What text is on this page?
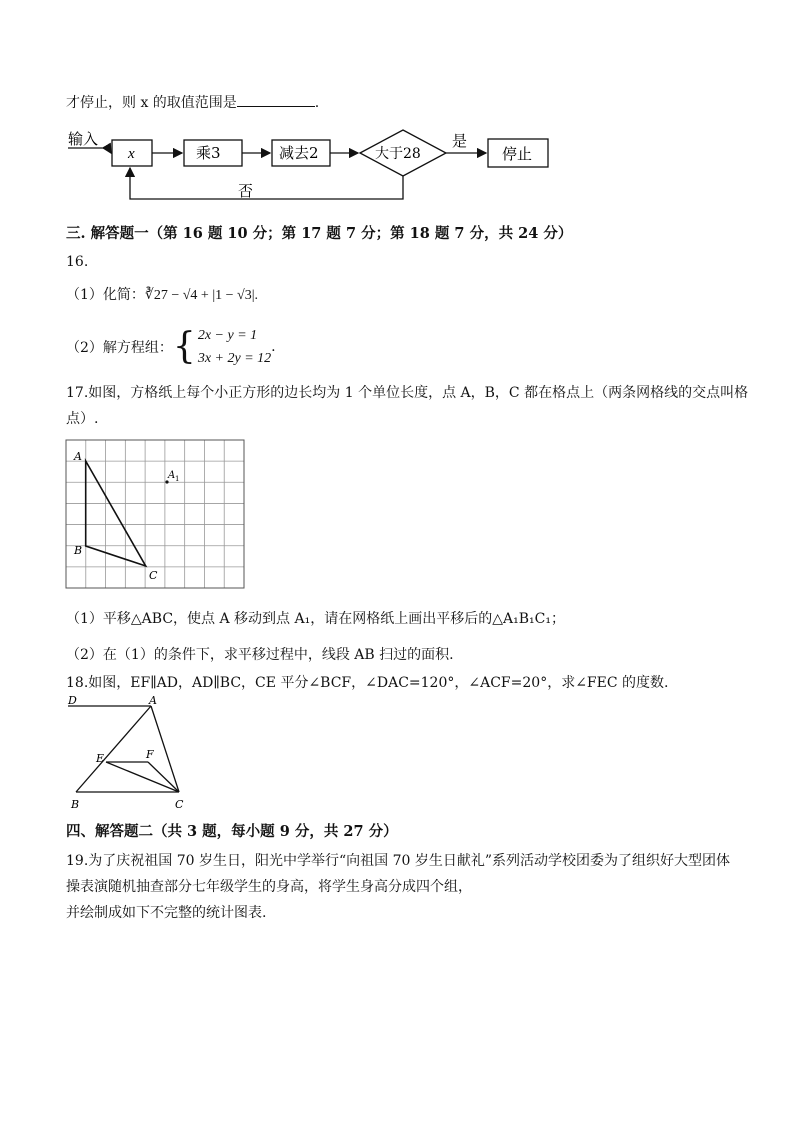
才停止，则 x 的取值范围是	.
输入
x	乘3	减去2	大于28
是
停止
否
三. 解答题一（第 16 题 10 分；第 17 题 7 分；第 18 题 7 分，共 24 分）
16.
（1）化简：∛27 − √4 + |1 − √3|.
（2）解方程组：{ 2x − y = 1
3x + 2y = 12.
17.如图，方格纸上每个小正方形的边长均为 1 个单位长度，点 A，B，C 都在格点上（两条网格线的交点叫格
点）.
A
A 1
B
C
（1）平移△ABC，使点 A 移动到点 A₁，请在网格纸上画出平移后的△A₁B₁C₁；
（2）在（1）的条件下，求平移过程中，线段 AB 扫过的面积.
18.如图，EF∥AD，AD∥BC，CE 平分∠BCF，∠DAC=120°，∠ACF=20°，求∠FEC 的度数.
D	A
E	F
B	C
四、解答题二（共 3 题，每小题 9 分，共 27 分）
19.为了庆祝祖国 70 岁生日，阳光中学举行“向祖国 70 岁生日献礼”系列活动学校团委为了组织好大型团体
操表演随机抽查部分七年级学生的身高，将学生身高分成四个组，
并绘制成如下不完整的统计图表.
